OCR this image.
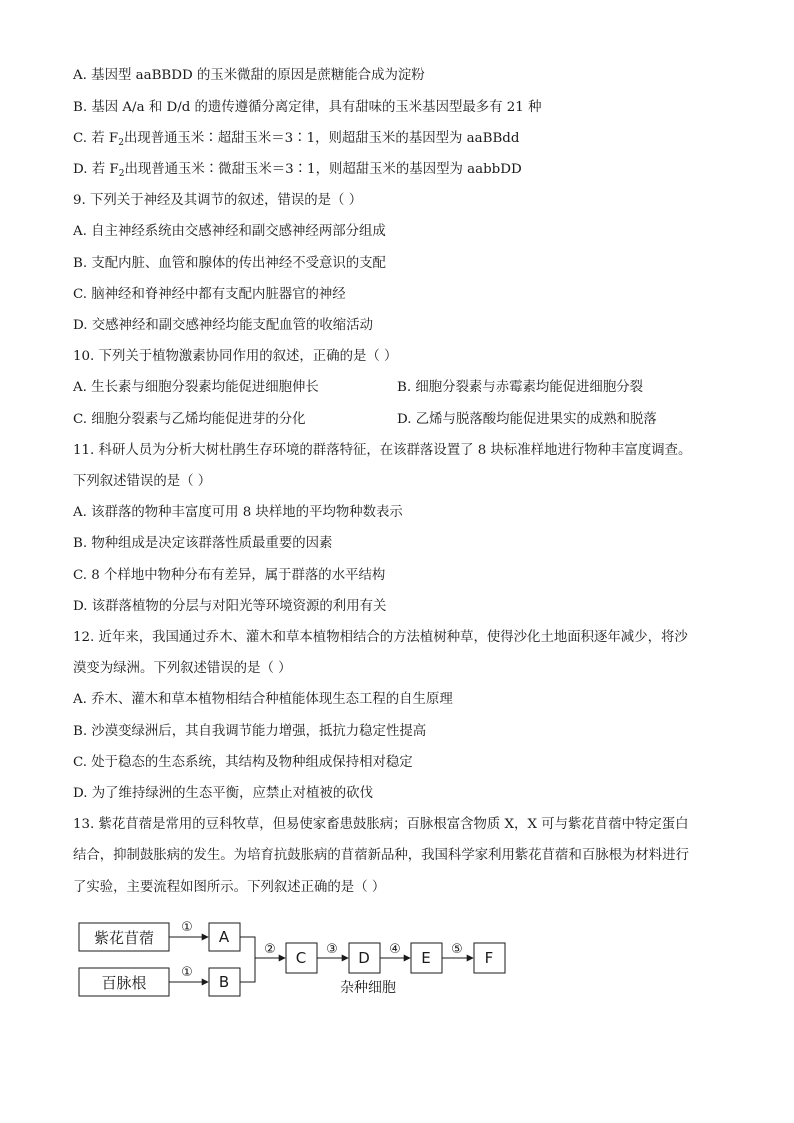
A. 基因型 aaBBDD 的玉米微甜的原因是蔗糖能合成为淀粉
B. 基因 A/a 和 D/d 的遗传遵循分离定律，具有甜味的玉米基因型最多有 21 种
C. 若 $F_2$出现普通玉米∶超甜玉米＝3∶1，则超甜玉米的基因型为 aaBBdd
D. 若 $F_2$出现普通玉米∶微甜玉米＝3∶1，则超甜玉米的基因型为 aabbDD
9. 下列关于神经及其调节的叙述，错误的是（ ）
A. 自主神经系统由交感神经和副交感神经两部分组成
B. 支配内脏、血管和腺体的传出神经不受意识的支配
C. 脑神经和脊神经中都有支配内脏器官的神经
D. 交感神经和副交感神经均能支配血管的收缩活动
10. 下列关于植物激素协同作用的叙述，正确的是（ ）
A. 生长素与细胞分裂素均能促进细胞伸长	B. 细胞分裂素与赤霉素均能促进细胞分裂
C. 细胞分裂素与乙烯均能促进芽的分化	D. 乙烯与脱落酸均能促进果实的成熟和脱落
11. 科研人员为分析大树杜鹃生存环境的群落特征，在该群落设置了 8 块标准样地进行物种丰富度调查。
下列叙述错误的是（ ）
A. 该群落的物种丰富度可用 8 块样地的平均物种数表示
B. 物种组成是决定该群落性质最重要的因素
C. 8 个样地中物种分布有差异，属于群落的水平结构
D. 该群落植物的分层与对阳光等环境资源的利用有关
12. 近年来，我国通过乔木、灌木和草本植物相结合的方法植树种草，使得沙化土地面积逐年减少，将沙
漠变为绿洲。下列叙述错误的是（ ）
A. 乔木、灌木和草本植物相结合种植能体现生态工程的自生原理
B. 沙漠变绿洲后，其自我调节能力增强，抵抗力稳定性提高
C. 处于稳态的生态系统，其结构及物种组成保持相对稳定
D. 为了维持绿洲的生态平衡，应禁止对植被的砍伐
13. 紫花苜蓿是常用的豆科牧草，但易使家畜患鼓胀病；百脉根富含物质 X，X 可与紫花苜蓿中特定蛋白
结合，抑制鼓胀病的发生。为培育抗鼓胀病的苜蓿新品种，我国科学家利用紫花苜蓿和百脉根为材料进行
了实验，主要流程如图所示。下列叙述正确的是（ ）
紫花苜蓿
百脉根
A
B
C	D	E	F
①
①
②	③	④	⑤
杂种细胞
